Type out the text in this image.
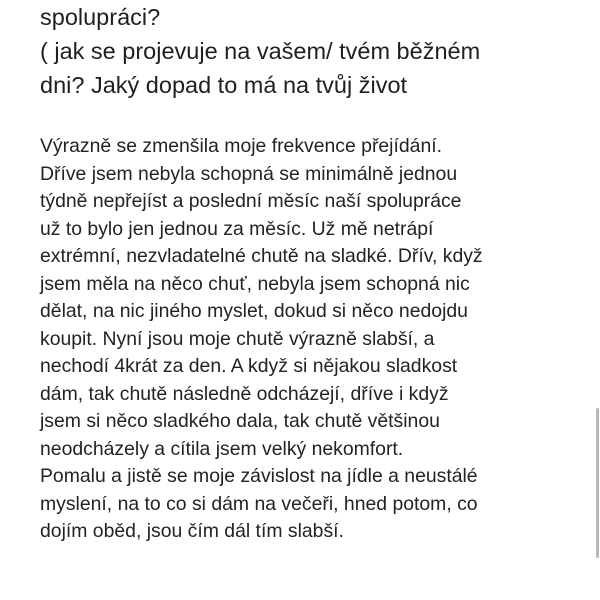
spolupráci?
( jak se projevuje na vašem/ tvém běžném
dni? Jaký dopad to má na tvůj život
Výrazně se zmenšila moje frekvence přejídání.
Dříve jsem nebyla schopná se minimálně jednou
týdně nepřejíst a poslední měsíc naší spolupráce
už to bylo jen jednou za měsíc. Už mě netrápí
extrémní, nezvladatelné chutě na sladké. Dřív, když
jsem měla na něco chuť, nebyla jsem schopná nic
dělat, na nic jiného myslet, dokud si něco nedojdu
koupit. Nyní jsou moje chutě výrazně slabší, a
nechodí 4krát za den. A když si nějakou sladkost
dám, tak chutě následně odcházejí, dříve i když
jsem si něco sladkého dala, tak chutě většinou
neodcházely a cítila jsem velký nekomfort.
Pomalu a jistě se moje závislost na jídle a neustálé
myslení, na to co si dám na večeři, hned potom, co
dojím oběd, jsou čím dál tím slabší.
